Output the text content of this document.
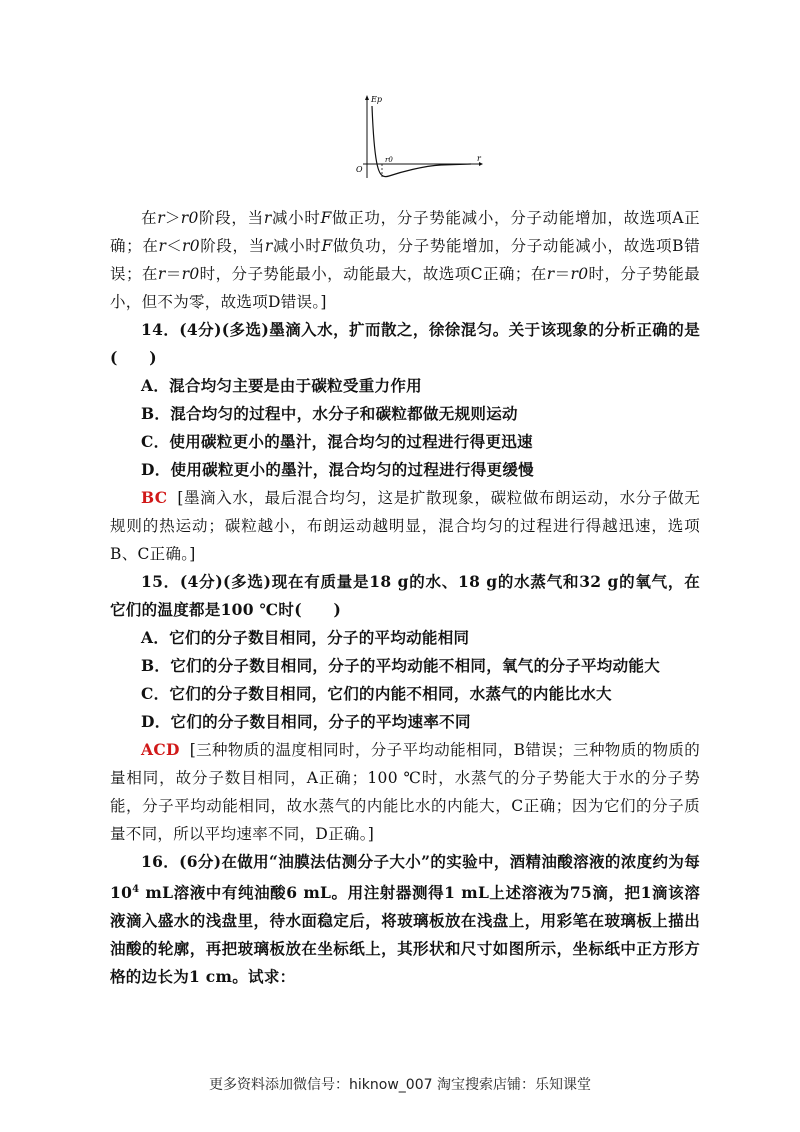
Ep
r
O
r0

在r＞r0阶段，当r减小时F做正功，分子势能减小，分子动能增加，故选项A正确；在r＜r0阶段，当r减小时F做负功，分子势能增加，分子动能减小，故选项B错误；在r＝r0时，分子势能最小，动能最大，故选项C正确；在r＝r0时，分子势能最小，但不为零，故选项D错误。]

14．(4分)(多选)墨滴入水，扩而散之，徐徐混匀。关于该现象的分析正确的是(　　)

A．混合均匀主要是由于碳粒受重力作用

B．混合均匀的过程中，水分子和碳粒都做无规则运动

C．使用碳粒更小的墨汁，混合均匀的过程进行得更迅速

D．使用碳粒更小的墨汁，混合均匀的过程进行得更缓慢

BC [墨滴入水，最后混合均匀，这是扩散现象，碳粒做布朗运动，水分子做无规则的热运动；碳粒越小，布朗运动越明显，混合均匀的过程进行得越迅速，选项B、C正确。]

15．(4分)(多选)现在有质量是18 g的水、18 g的水蒸气和32 g的氧气，在它们的温度都是100 ℃时(　　)

A．它们的分子数目相同，分子的平均动能相同

B．它们的分子数目相同，分子的平均动能不相同，氧气的分子平均动能大

C．它们的分子数目相同，它们的内能不相同，水蒸气的内能比水大

D．它们的分子数目相同，分子的平均速率不同

ACD [三种物质的温度相同时，分子平均动能相同，B错误；三种物质的物质的量相同，故分子数目相同，A正确；100 ℃时，水蒸气的分子势能大于水的分子势能，分子平均动能相同，故水蒸气的内能比水的内能大，C正确；因为它们的分子质量不同，所以平均速率不同，D正确。]

16．(6分)在做用“油膜法估测分子大小”的实验中，酒精油酸溶液的浓度约为每 $10^4$ mL溶液中有纯油酸6 mL。用注射器测得1 mL上述溶液为75滴，把1滴该溶液滴入盛水的浅盘里，待水面稳定后，将玻璃板放在浅盘上，用彩笔在玻璃板上描出油酸的轮廓，再把玻璃板放在坐标纸上，其形状和尺寸如图所示，坐标纸中正方形方格的边长为1 cm。试求：

更多资料添加微信号：hiknow_007 淘宝搜索店铺：乐知课堂
